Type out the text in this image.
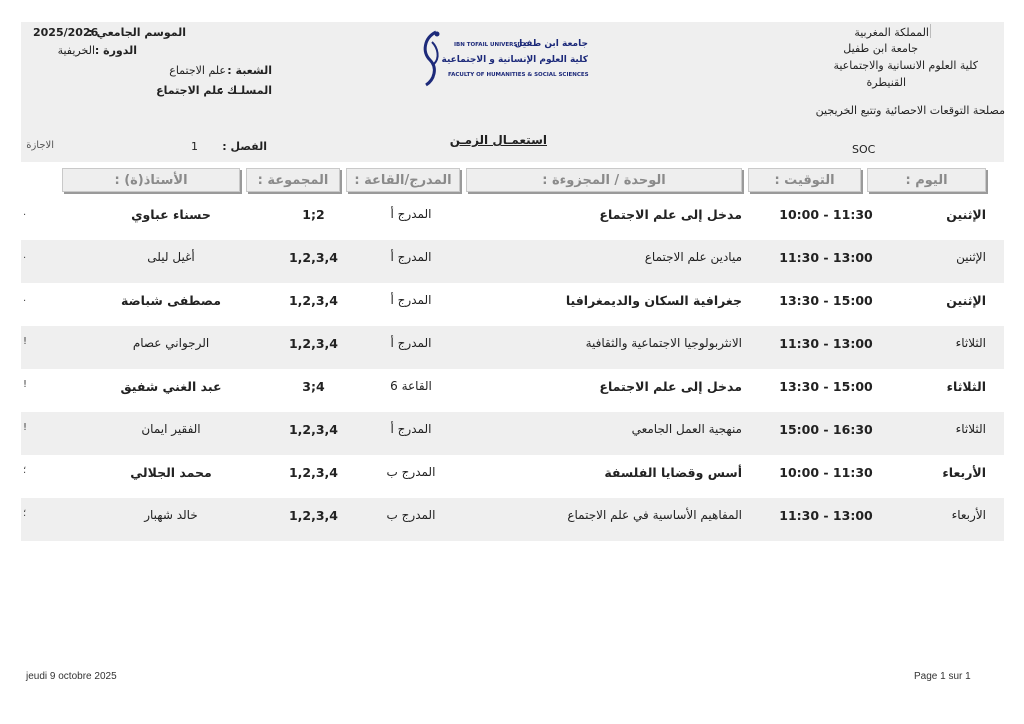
المملكة المغربية
جامعة ابن طفيل
كلية العلوم الانسانية والاجتماعية
القنيطرة
مصلحة التوقعات الاحصائية وتتبع الخريجين
SOC
الموسم الجامعي :
2025/2026
الدورة :
الخريفية
الشعبة :
علم الاجتماع
المسلـك :
علم الاجتماع
IBN TOFAIL UNIVERSITY
جامعة ابن طفيل
كلية العلوم الإنسانية و الاجتماعية
FACULTY OF HUMANITIES & SOCIAL SCIENCES
استعمـال الزمـن
الفصل :
1
الاجازة
اليوم :
التوقيت :
الوحدة / المجزوءة :
المدرج/القاعة :
المجموعة :
الأستاذ(ة) :
الإثنين
10:00 - 11:30
مدخل إلى علم الاجتماع
المدرج أ
1;2
حسناء عباوي
.
الإثنين
11:30 - 13:00
ميادين علم الاجتماع
المدرج أ
1,2,3,4
أغيل ليلى
.
الإثنين
13:30 - 15:00
جغرافية السكان والديمغرافيا
المدرج أ
1,2,3,4
مصطفى شباضة
.
الثلاثاء
11:30 - 13:00
الانثربولوجيا الاجتماعية والثقافية
المدرج أ
1,2,3,4
الرجواني عصام
!
الثلاثاء
13:30 - 15:00
مدخل إلى علم الاجتماع
القاعة 6
3;4
عبد الغني شفيق
!
الثلاثاء
15:00 - 16:30
منهجية العمل الجامعي
المدرج أ
1,2,3,4
الفقير ايمان
!
الأربعاء
10:00 - 11:30
أسس وقضايا الفلسفة
المدرج ب
1,2,3,4
محمد الجلالي
؛
الأربعاء
11:30 - 13:00
المفاهيم الأساسية في علم الاجتماع
المدرج ب
1,2,3,4
خالد شهبار
؛
jeudi 9 octobre 2025	Page 1 sur 1
